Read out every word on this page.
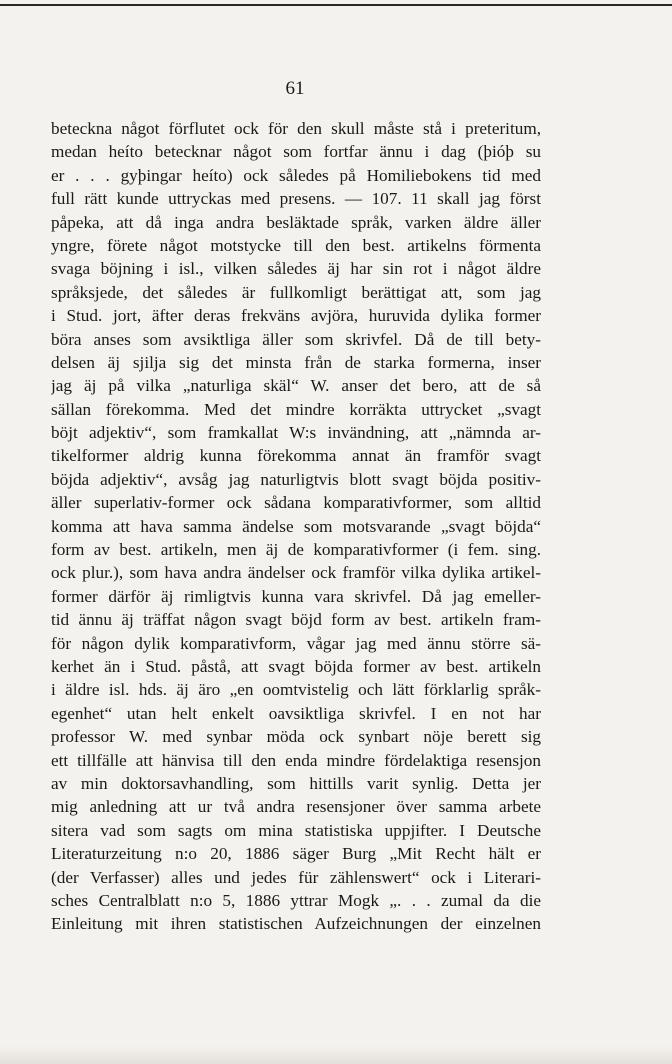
61
beteckna något förflutet ock för den skull måste stå i preteritum,
medan heíto betecknar något som fortfar ännu i dag (þióþ su
er . . . gyþingar heíto) ock således på Homiliebokens tid med
full rätt kunde uttryckas med presens. — 107. 11 skall jag först
påpeka, att då inga andra besläktade språk, varken äldre äller
yngre, förete något motstycke till den best. artikelns förmenta
svaga böjning i isl., vilken således äj har sin rot i något äldre
språksjede, det således är fullkomligt berättigat att, som jag
i Stud. jort, äfter deras frekväns avjöra, huruvida dylika former
böra anses som avsiktliga äller som skrivfel. Då de till bety-
delsen äj sjilja sig det minsta från de starka formerna, inser
jag äj på vilka „naturliga skäl“ W. anser det bero, att de så
sällan förekomma. Med det mindre korräkta uttrycket „svagt
böjt adjektiv“, som framkallat W:s invändning, att „nämnda ar-
tikelformer aldrig kunna förekomma annat än framför svagt
böjda adjektiv“, avsåg jag naturligtvis blott svagt böjda positiv-
äller superlativ-former ock sådana komparativformer, som alltid
komma att hava samma ändelse som motsvarande „svagt böjda“
form av best. artikeln, men äj de komparativformer (i fem. sing.
ock plur.), som hava andra ändelser ock framför vilka dylika artikel-
former därför äj rimligtvis kunna vara skrivfel. Då jag emeller-
tid ännu äj träffat någon svagt böjd form av best. artikeln fram-
för någon dylik komparativform, vågar jag med ännu större sä-
kerhet än i Stud. påstå, att svagt böjda former av best. artikeln
i äldre isl. hds. äj äro „en oomtvistelig och lätt förklarlig språk-
egenhet“ utan helt enkelt oavsiktliga skrivfel. I en not har
professor W. med synbar möda ock synbart nöje berett sig
ett tillfälle att hänvisa till den enda mindre fördelaktiga resensjon
av min doktorsavhandling, som hittills varit synlig. Detta jer
mig anledning att ur två andra resensjoner över samma arbete
sitera vad som sagts om mina statistiska uppjifter. I Deutsche
Literaturzeitung n:o 20, 1886 säger Burg „Mit Recht hält er
(der Verfasser) alles und jedes für zählenswert“ ock i Literari-
sches Centralblatt n:o 5, 1886 yttrar Mogk „. . . zumal da die
Einleitung mit ihren statistischen Aufzeichnungen der einzelnen
